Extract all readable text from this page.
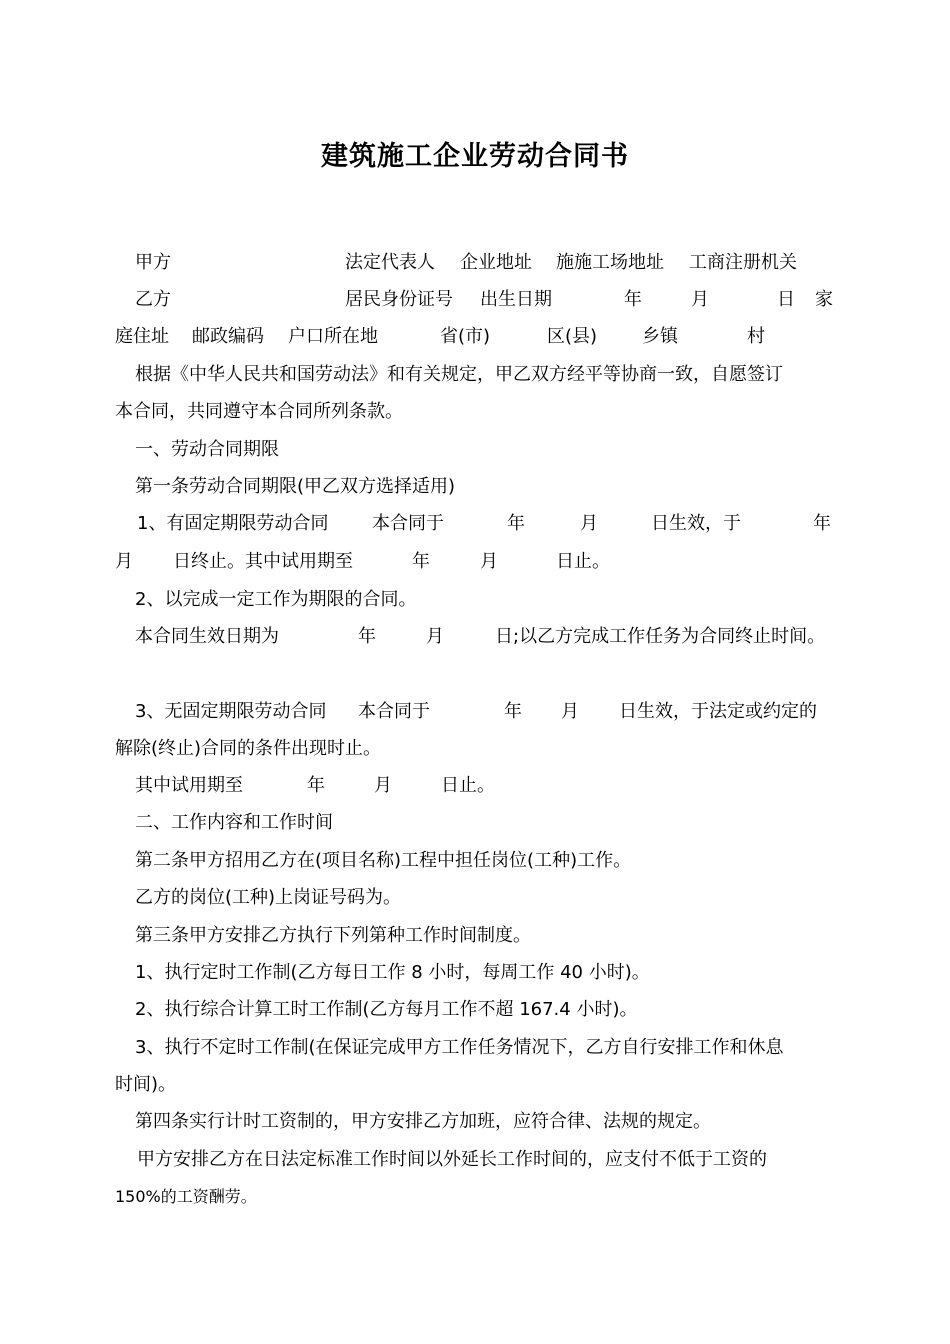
建筑施工企业劳动合同书
甲方	法定代表人 企业地址 施施工场地址 工商注册机关
乙方	居民身份证号 出生日期	年	月	日 家
庭住址 邮政编码 户口所在地	省(市)	区(县) 乡镇	村
根据《中华人民共和国劳动法》和有关规定，甲乙双方经平等协商一致，自愿签订
本合同，共同遵守本合同所列条款。
一、劳动合同期限
第一条劳动合同期限(甲乙双方选择适用)
1、有固定期限劳动合同 本合同于	年	月	日生效，于	年
月 日终止。其中试用期至	年	月	日止。
2、以完成一定工作为期限的合同。
本合同生效日期为	年	月	日;以乙方完成工作任务为合同终止时间。
3、无固定期限劳动合同 本合同于	年 月 日生效，于法定或约定的
解除(终止)合同的条件出现时止。
其中试用期至	年	月	日止。
二、工作内容和工作时间
第二条甲方招用乙方在(项目名称)工程中担任岗位(工种)工作。
乙方的岗位(工种)上岗证号码为。
第三条甲方安排乙方执行下列第种工作时间制度。
1、执行定时工作制(乙方每日工作 8 小时，每周工作 40 小时)。
2、执行综合计算工时工作制(乙方每月工作不超 167.4 小时)。
3、执行不定时工作制(在保证完成甲方工作任务情况下，乙方自行安排工作和休息
时间)。
第四条实行计时工资制的，甲方安排乙方加班，应符合律、法规的规定。
甲方安排乙方在日法定标准工作时间以外延长工作时间的，应支付不低于工资的
150%的工资酬劳。
